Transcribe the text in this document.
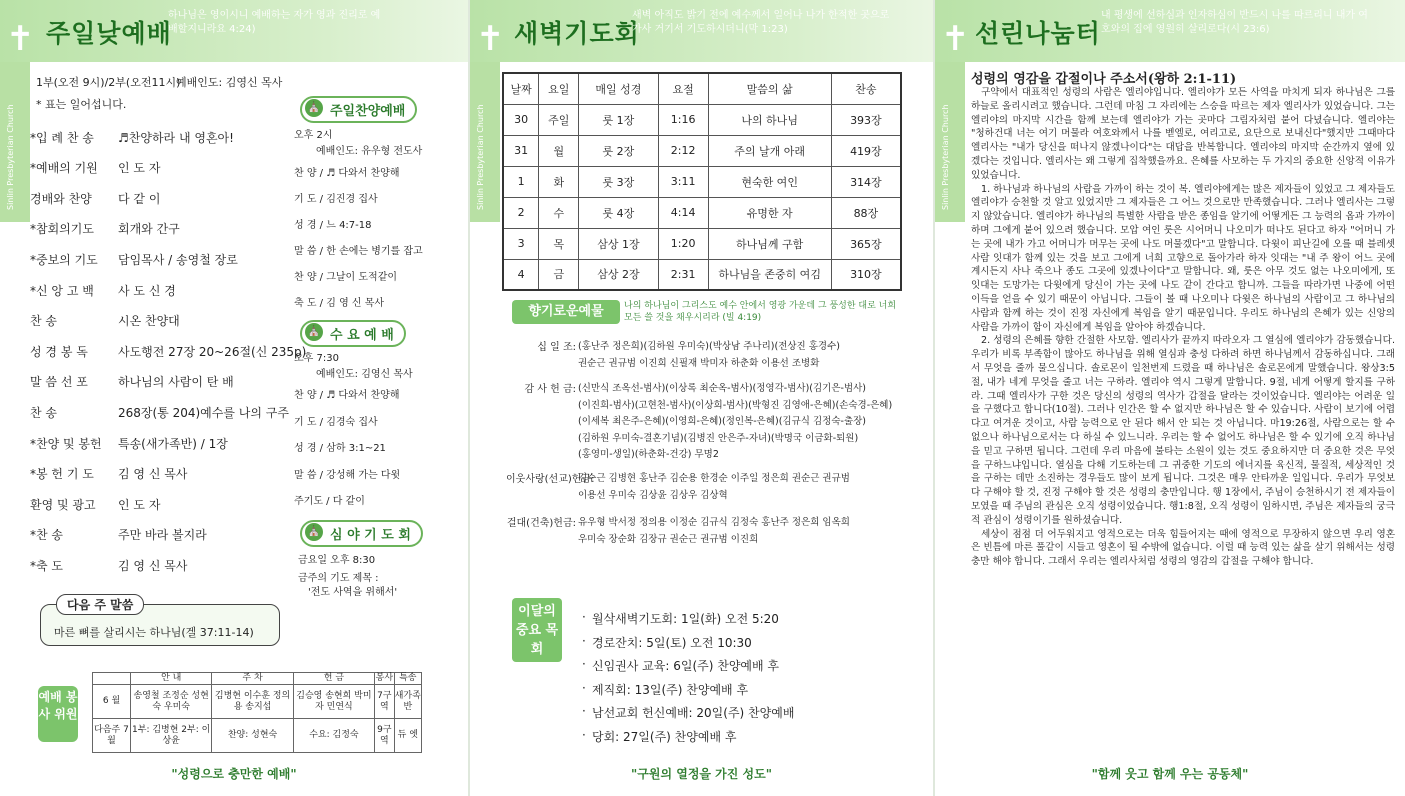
✝ 주일낮예배
하나님은 영이시니 예배하는 자가 영과 진리로 예배할지니라요 4:24)
Sinlin Presbyterian Church
1부(오전 9시)/2부(오전11시)
예배인도: 김영신 목사
* 표는 일어섭니다.
*입 례 찬 송	♬찬양하라 내 영혼아!
*예배의 기원	인 도 자
경배와 찬양	다 같 이
*참회의기도	회개와 간구
*중보의 기도	담임목사 / 송영철 장로
*신 앙 고 백	사 도 신 경
찬 송	시온 찬양대
성 경 봉 독	사도행전 27장 20~26절(신 235p)
말 씀 선 포	하나님의 사람이 탄 배
찬 송	268장(통 204)예수를 나의 구주
*찬양 및 봉헌	특송(새가족반) / 1장
*봉 헌 기 도	김 영 신 목사
환영 및 광고	인 도 자
*찬 송	주만 바라 볼지라
*축 도	김 영 신 목사
⛪ 주일찬양예배
오후 2시
예배인도: 유우형 전도사
찬 양 / ♬ 다와서 찬양해
기 도 / 김진경 집사
성 경 / 느 4:7-18
말 씀 / 한 손에는 병기를 잡고
찬 양 / 그날이 도적같이
축 도 / 김 영 신 목사
⛪ 수 요 예 배
오후 7:30
예배인도: 김영신 목사
찬 양 / ♬ 다와서 찬양해
기 도 / 김경숙 집사
성 경 / 삼하 3:1~21
말 씀 / 강성해 가는 다윗
주기도 / 다 같이
⛪ 심 야 기 도 회
금요일 오후 8:30
금주의 기도 제목 :
'전도 사역을 위해서'
다음 주 말씀
마른 뼈를 살리시는 하나님(겔 37:11-14)
예배 봉사 위원
	안 내	주 차	헌 금	봉사	특송
6 월	송영철 조정순 성현숙 우미숙	김병현 이수훈 정의용 송지섭	김승영 송현희 박미자 민연식	7구역	새가족반
다음주 7 월	1부: 김병현 2부: 이상윤	찬양: 성현숙	수요: 김정숙	9구역	듀 엣
"성령으로 충만한 예배"
✝ 새벽기도회
새벽 아직도 밝기 전에 예수께서 일어나 나가 한적한 곳으로 가사 거기서 기도하시더니(막 1:23)
Sinlin Presbyterian Church
날짜	요일	매일 성경	요절	말씀의 삶	찬송
30	주일	룻 1장	1:16	나의 하나님	393장
31	월	룻 2장	2:12	주의 날개 아래	419장
1	화	룻 3장	3:11	현숙한 여인	314장
2	수	룻 4장	4:14	유명한 자	88장
3	목	삼상 1장	1:20	하나님께 구함	365장
4	금	삼상 2장	2:31	하나님을 존중히 여김	310장
향기로운예물	나의 하나님이 그리스도 예수 안에서 영광 가운데 그 풍성한 대로 너희 모든 쓸 것을 채우시리라 (빌 4:19)
십 일 조: (홍난주 정은희)(김하원 우미숙)(박상남 주나리)(전상진 홍경수)
권순근 권규범 이진희 신필재 박미자 하춘화 이용선 조병화
감 사 헌 금: (신만식 조옥선-범사)(이상록 최순옥-범사)(정영각-범사)(김기은-범사)
(이진희-범사)(고현천-범사)(이상희-범사)(박형진 김영애-은혜)(손숙경-은혜)
(이세복 최은주-은혜)(이영희-은혜)(정인복-은혜)(김규식 김정숙-출장)
(김하원 우미숙-결혼기념)(김병진 안은주-자녀)(박명국 이금화-퇴원)
(홍영미-생일)(하춘화-건강) 무명2
이웃사랑(선교)헌금:
김수근 김병현 홍난주 김순용 한경순 이주일 정은희 권순근 권규범
이용선 우미숙 김상윤 김상우 김상혁
걸대(건축)헌금: 유우형 박서정 정의용 이정순 김규식 김정숙 홍난주 정은희 임옥희
우미숙 장순화 김장규 권순근 권규범 이진희
이달의 중요 목회
· 월삭새벽기도회: 1일(화) 오전 5:20
· 경로잔치: 5일(토) 오전 10:30
· 신임권사 교육: 6일(주) 찬양예배 후
· 제직회: 13일(주) 찬양예배 후
· 남선교회 헌신예배: 20일(주) 찬양예배
· 당회: 27일(주) 찬양예배 후
"구원의 열정을 가진 성도"
✝ 선린나눔터
내 평생에 선하심과 인자하심이 반드시 나를 따르리니 내가 여호와의 집에 영원히 살리로다(시 23:6)
Sinlin Presbyterian Church
성령의 영감을 갑절이나 주소서(왕하 2:1-11)

구약에서 대표적인 성령의 사람은 엘리야입니다. 엘리야가 모든 사역을 마치게 되자 하나님은 그를 하늘로 올리시려고 했습니다. 그런데 마침 그 자리에는 스승을 따르는 제자 엘리사가 있었습니다. 그는 엘리야의 마지막 시간을 함께 보는데 엘리야가 가는 곳마다 그림자처럼 붙어 다녔습니다. 엘리야는 "청하건대 너는 여기 머물라 여호와께서 나를 벧엘로, 여리고로, 요단으로 보내신다"했지만 그때마다 엘리사는 "내가 당신을 떠나지 않겠나이다"는 대답을 반복합니다. 엘리야의 마지막 순간까지 옆에 있겠다는 것입니다. 엘리사는 왜 그렇게 집착했을까요. 은혜를 사모하는 두 가지의 중요한 신앙적 이유가 있었습니다.

1. 하나님과 하나님의 사람을 가까이 하는 것이 복. 엘리야에게는 많은 제자들이 있었고 그 제자들도 엘리야가 승천할 것 알고 있었지만 그 제자들은 그 어느 것으로만 만족했습니다. 그러나 엘리사는 그렇지 않았습니다. 엘리야가 하나님의 특별한 사람을 받은 종임을 알기에 어떻게든 그 능력의 옵과 가까이 하며 그에게 붙어 있으려 했습니다. 모압 여인 룻은 시어머니 나오미가 떠나도 된다고 하자 "어머니 가는 곳에 내가 가고 어머니가 머무는 곳에 나도 머물겠다"고 말합니다. 다윗이 피난길에 오를 때 블레셋 사람 잇대가 함께 있는 것을 보고 그에게 너희 고향으로 돌아가라 하자 잇대는 "내 주 왕이 어느 곳에 계시든지 사나 죽으나 종도 그곳에 있겠나이다"고 말합니다. 왜, 룻은 아무 것도 없는 나오미에게, 또 잇대는 도망가는 다윗에게 당신이 가는 곳에 나도 같이 간다고 합니까. 그들을 따라가면 나중에 어떤 이득을 얻을 수 있기 때문이 아닙니다. 그들이 볼 때 나오미나 다윗은 하나님의 사람이고 그 하나님의 사람과 함께 하는 것이 진정 자신에게 복임을 알기 때문입니다. 우리도 하나님의 은혜가 있는 신앙의 사람을 가까이 함이 자신에게 복임을 알아야 하겠습니다.

2. 성령의 은혜를 향한 간절한 사모함. 엘리사가 끝까지 따라오자 그 열심에 엘리야가 감동했습니다. 우리가 비록 부족함이 많아도 하나님을 위해 열심과 충성 다하려 하면 하나님께서 감동하십니다. 그래서 무엇을 줄까 물으십니다. 솔로몬이 일천번제 드렸을 때 하나님은 솔로몬에게 말했습니다. 왕상3:5절, 내가 네게 무엇을 줄고 너는 구하라. 엘리야 역시 그렇게 말합니다. 9절, 네게 어떻게 할지를 구하라. 그때 엘리사가 구한 것은 당신의 성령의 역사가 갑절을 달라는 것이었습니다. 엘리야는 어려운 일을 구했다고 합니다(10절). 그러나 인간은 할 수 없지만 하나님은 할 수 있습니다. 사람이 보기에 어렵다고 여겨운 것이고, 사람 능력으로 안 된다 해서 안 되는 것 아닙니다. 마19:26절, 사람으로는 할 수 없으나 하나님으로서는 다 하실 수 있느니라. 우리는 할 수 없어도 하나님은 할 수 있기에 오직 하나님을 믿고 구하면 됩니다. 그런데 우리 마음에 불타는 소원이 있는 것도 중요하지만 더 중요한 것은 무엇을 구하느냐입니다. 열심을 다해 기도하는데 그 귀중한 기도의 에너지를 육신적, 물질적, 세상적인 것을 구하는 데만 소진하는 경우들도 많이 보게 됩니다. 그것은 매우 안타까운 일입니다. 우리가 무엇보다 구해야 할 것, 진정 구해야 할 것은 성령의 충만입니다. 행 1장에서, 주님이 승천하시기 전 제자들이 모였을 때 주님의 관심은 오직 성령이었습니다. 행1:8절, 오직 성령이 임하시면, 주님은 제자들의 궁극적 관심이 성령이기를 원하셨습니다.

세상이 점점 더 어두워지고 영적으로는 더욱 힘들어지는 때에 영적으로 무장하지 않으면 우리 영혼은 빈틈에 마른 풀같이 시들고 영혼이 될 수밖에 없습니다. 이럴 때 능력 있는 삶을 살기 위해서는 성령충만 해야 합니다. 그래서 우리는 엘리사처럼 성령의 영감의 갑절을 구해야 합니다.

"함께 웃고 함께 우는 공동체"
